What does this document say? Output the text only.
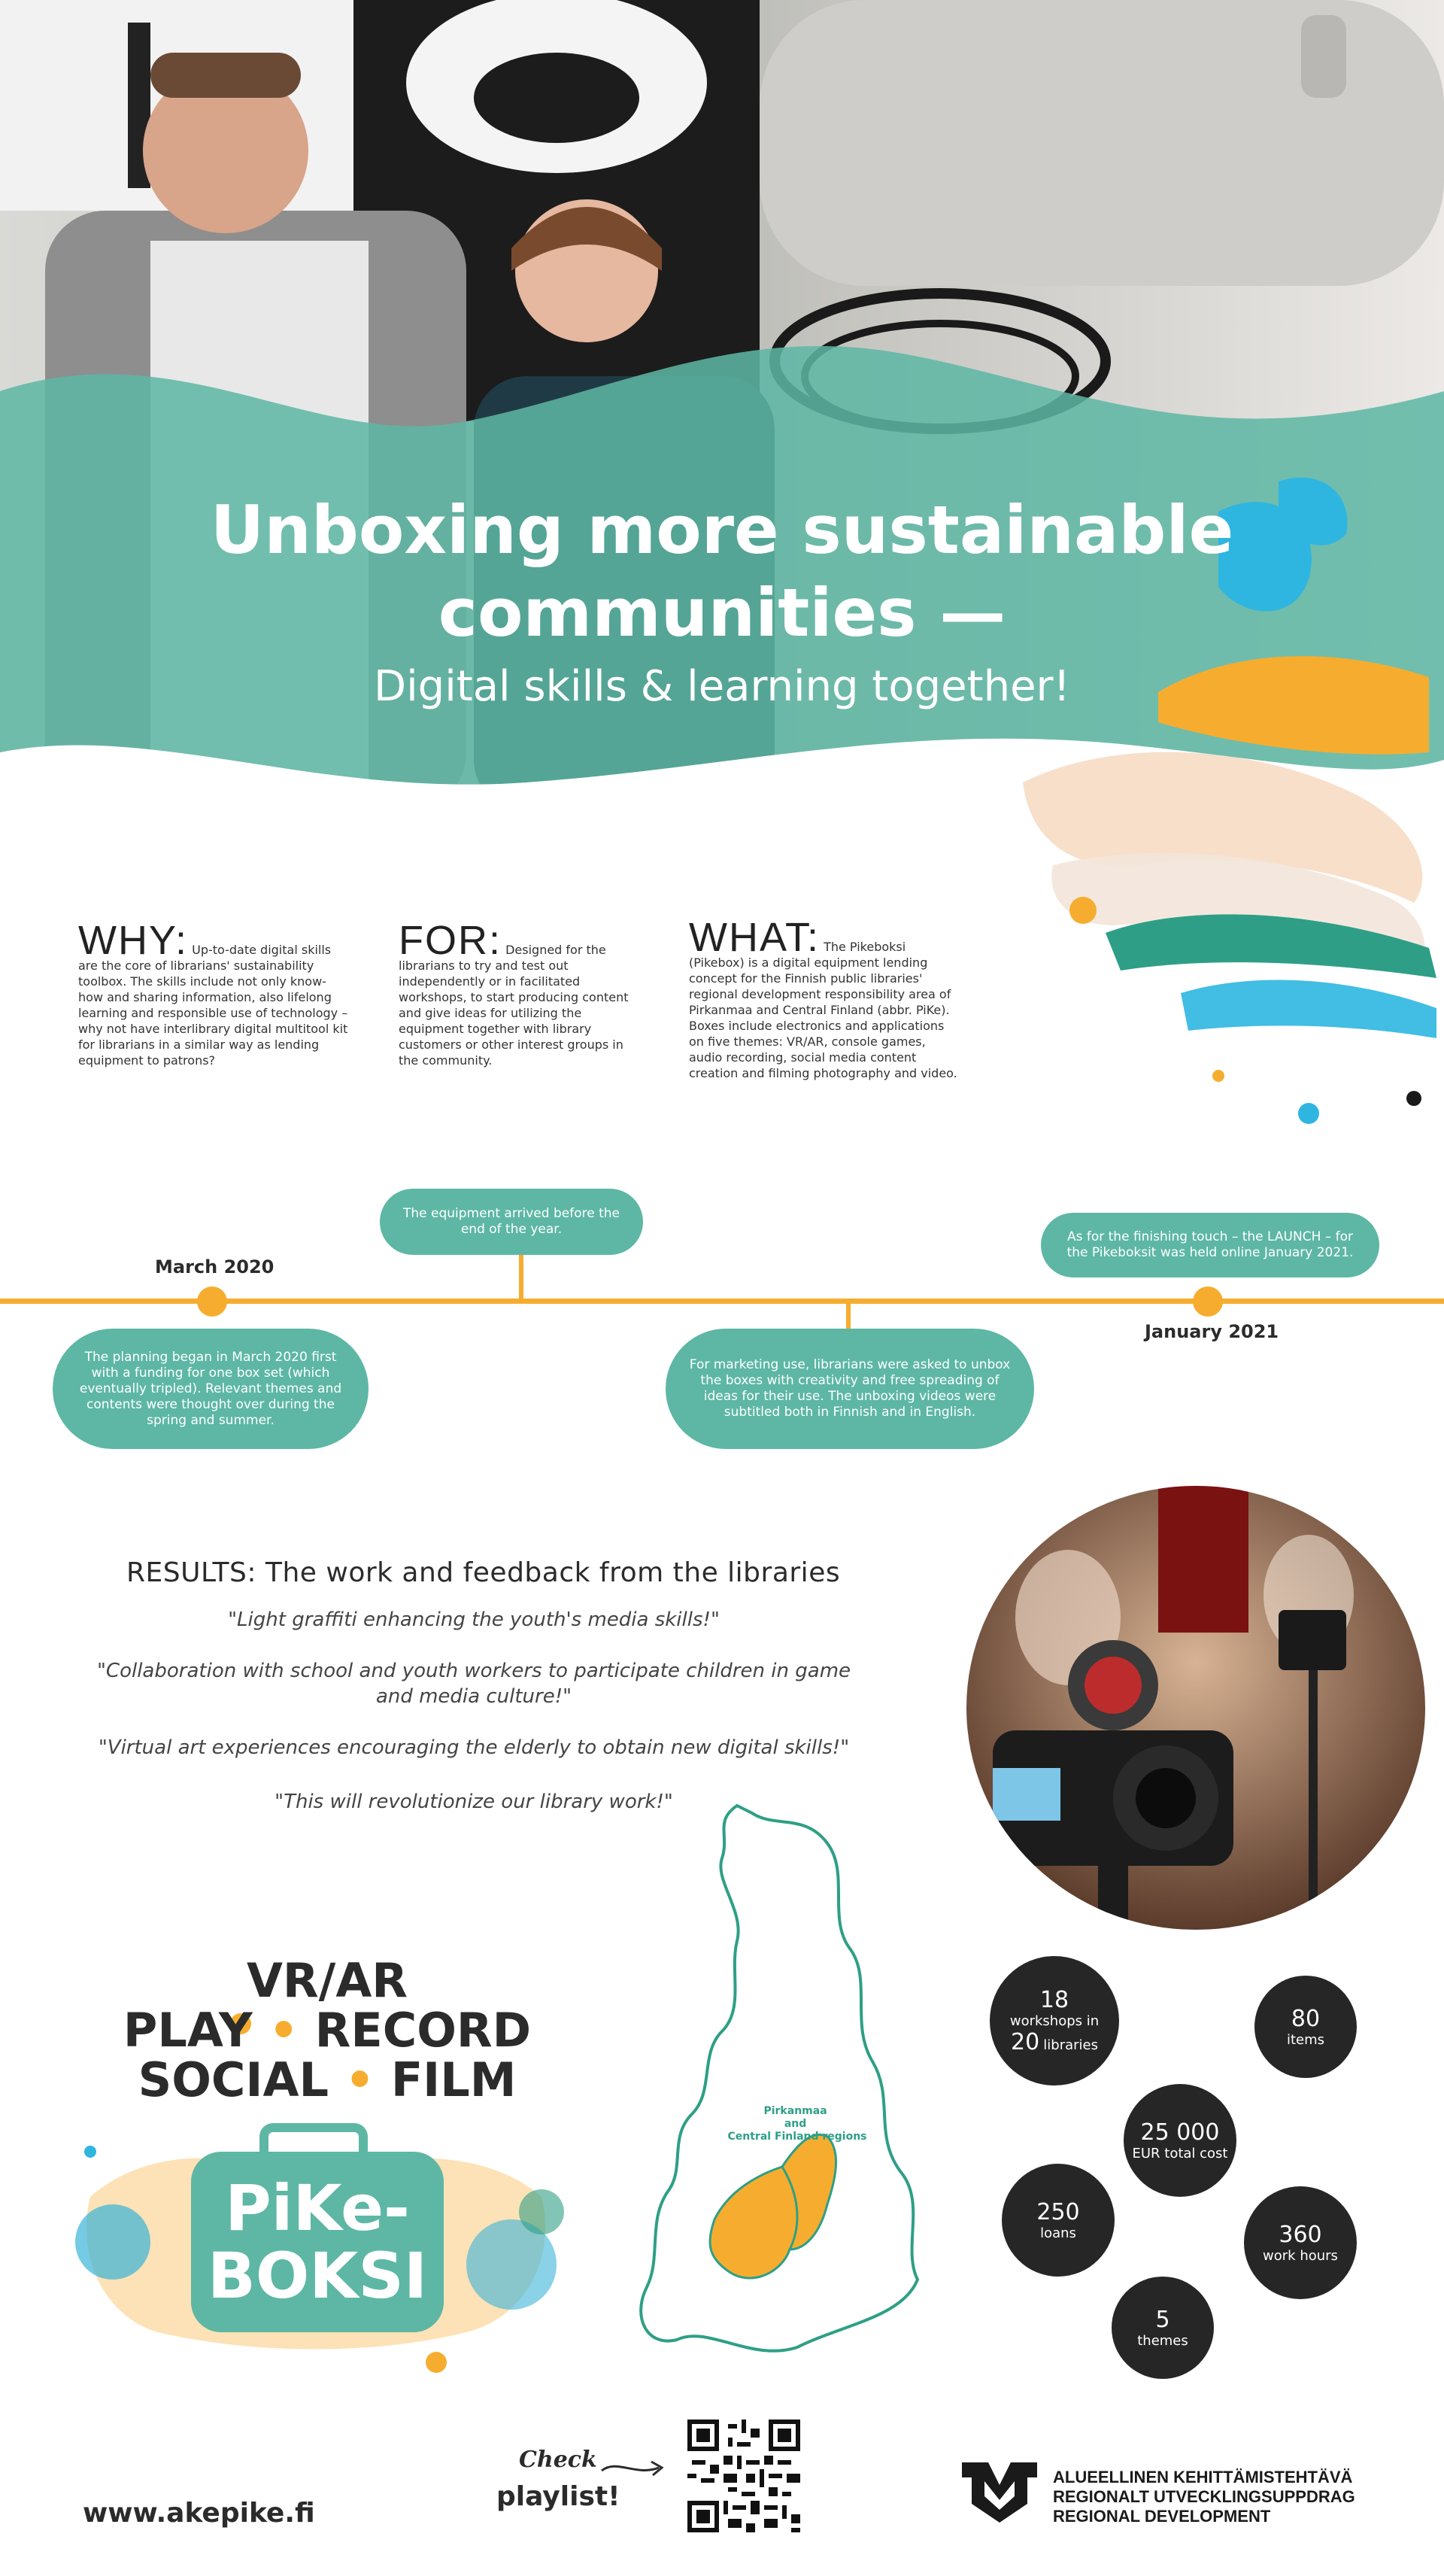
Unboxing more sustainable
communities —
Digital skills & learning together!
WHY: Up-to-date digital skills are the core of librarians' sustainability toolbox. The skills include not only know-how and sharing information, also lifelong learning and responsible use of technology – why not have interlibrary digital multitool kit for librarians in a similar way as lending equipment to patrons?
FOR: Designed for the librarians to try and test out independently or in facilitated workshops, to start producing content and give ideas for utilizing the equipment together with library customers or other interest groups in the community.
WHAT: The Pikeboksi (Pikebox) is a digital equipment lending concept for the Finnish public libraries' regional development responsibility area of Pirkanmaa and Central Finland (abbr. PiKe). Boxes include electronics and applications on five themes: VR/AR, console games, audio recording, social media content creation and filming photography and video.
March 2020
January 2021
The planning began in March 2020 first with a funding for one box set (which eventually tripled). Relevant themes and contents were thought over during the spring and summer.
The equipment arrived before the end of the year.
For marketing use, librarians were asked to unbox the boxes with creativity and free spreading of ideas for their use. The unboxing videos were subtitled both in Finnish and in English.
As for the finishing touch – the LAUNCH – for the Pikeboksit was held online January 2021.
RESULTS: The work and feedback from the libraries
"Light graffiti enhancing the youth's media skills!"
"Collaboration with school and youth workers to participate children in game and media culture!"
"Virtual art experiences encouraging the elderly to obtain new digital skills!"
"This will revolutionize our library work!"
VR/AR
PLAY • RECORD
SOCIAL • FILM
PiKe-
BOKSI
Pirkanmaa and Central Finland regions
18
workshops in
20 libraries
80
items
25 000
EUR total cost
250
loans	360
work hours
5
themes
www.akepike.fi
Check
playlist!
ALUEELLINEN KEHITTÄMISTEHTÄVÄ
REGIONALT UTVECKLINGSUPPDRAG
REGIONAL DEVELOPMENT
